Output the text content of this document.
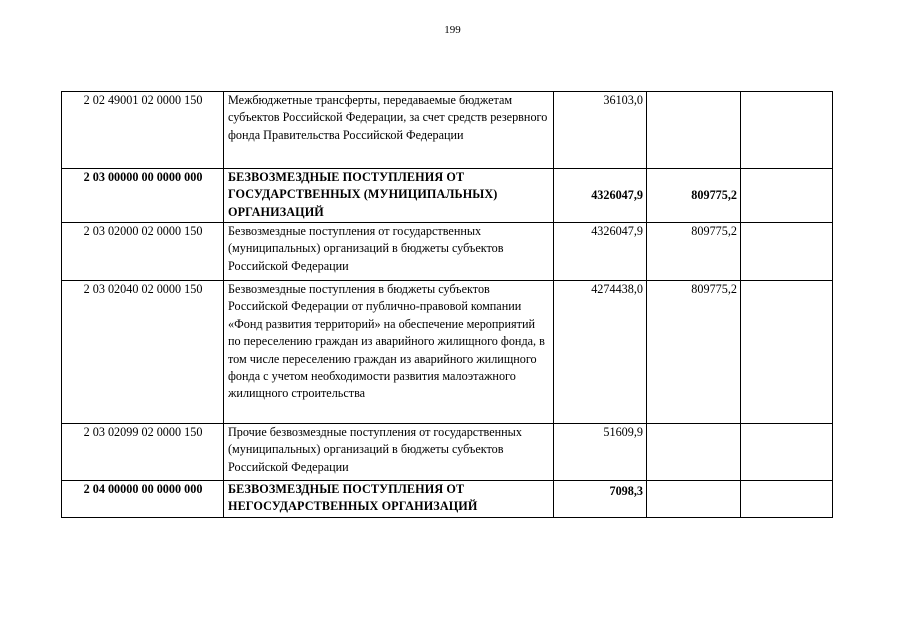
199
2 02 49001 02 0000 150	Межбюджетные трансферты, передаваемые бюджетам субъектов Российской Федерации, за счет средств резервного фонда Правительства Российской Федерации	36103,0		
2 03 00000 00 0000 000	БЕЗВОЗМЕЗДНЫЕ ПОСТУПЛЕНИЯ ОТ ГОСУДАРСТВЕННЫХ (МУНИЦИПАЛЬНЫХ) ОРГАНИЗАЦИЙ	4326047,9	809775,2	
2 03 02000 02 0000 150	Безвозмездные поступления от государственных (муниципальных) организаций в бюджеты субъектов Российской Федерации	4326047,9	809775,2	
2 03 02040 02 0000 150	Безвозмездные поступления в бюджеты субъектов Российской Федерации от публично-правовой компании «Фонд развития территорий» на обеспечение мероприятий по переселению граждан из аварийного жилищного фонда, в том числе переселению граждан из аварийного жилищного фонда с учетом необходимости развития малоэтажного жилищного строительства	4274438,0	809775,2	
2 03 02099 02 0000 150	Прочие безвозмездные поступления от государственных (муниципальных) организаций в бюджеты субъектов Российской Федерации	51609,9		
2 04 00000 00 0000 000	БЕЗВОЗМЕЗДНЫЕ ПОСТУПЛЕНИЯ ОТ НЕГОСУДАРСТВЕННЫХ ОРГАНИЗАЦИЙ	7098,3		
